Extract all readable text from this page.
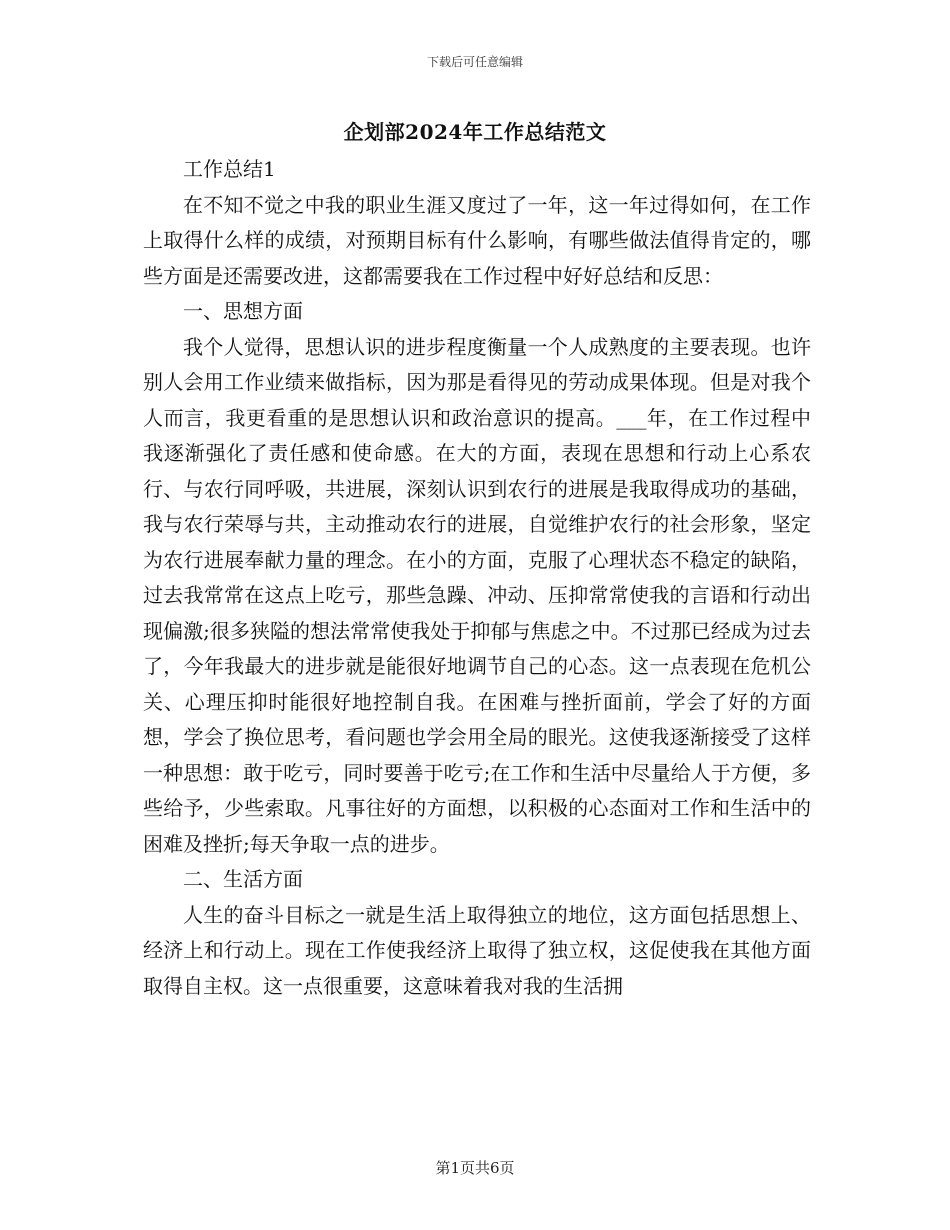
下载后可任意编辑
企划部2024年工作总结范文

工作总结1

在不知不觉之中我的职业生涯又度过了一年，这一年过得如何，在工作上取得什么样的成绩，对预期目标有什么影响，有哪些做法值得肯定的，哪些方面是还需要改进，这都需要我在工作过程中好好总结和反思：

一、思想方面

我个人觉得，思想认识的进步程度衡量一个人成熟度的主要表现。也许别人会用工作业绩来做指标，因为那是看得见的劳动成果体现。但是对我个人而言，我更看重的是思想认识和政治意识的提高。___年，在工作过程中我逐渐强化了责任感和使命感。在大的方面，表现在思想和行动上心系农行、与农行同呼吸，共进展，深刻认识到农行的进展是我取得成功的基础，我与农行荣辱与共，主动推动农行的进展，自觉维护农行的社会形象，坚定为农行进展奉献力量的理念。在小的方面，克服了心理状态不稳定的缺陷，过去我常常在这点上吃亏，那些急躁、冲动、压抑常常使我的言语和行动出现偏激;很多狭隘的想法常常使我处于抑郁与焦虑之中。不过那已经成为过去了，今年我最大的进步就是能很好地调节自己的心态。这一点表现在危机公关、心理压抑时能很好地控制自我。在困难与挫折面前，学会了好的方面想，学会了换位思考，看问题也学会用全局的眼光。这使我逐渐接受了这样一种思想：敢于吃亏，同时要善于吃亏;在工作和生活中尽量给人于方便，多些给予，少些索取。凡事往好的方面想，以积极的心态面对工作和生活中的困难及挫折;每天争取一点的进步。

二、生活方面

人生的奋斗目标之一就是生活上取得独立的地位，这方面包括思想上、经济上和行动上。现在工作使我经济上取得了独立权，这促使我在其他方面取得自主权。这一点很重要，这意味着我对我的生活拥

第1页共6页
